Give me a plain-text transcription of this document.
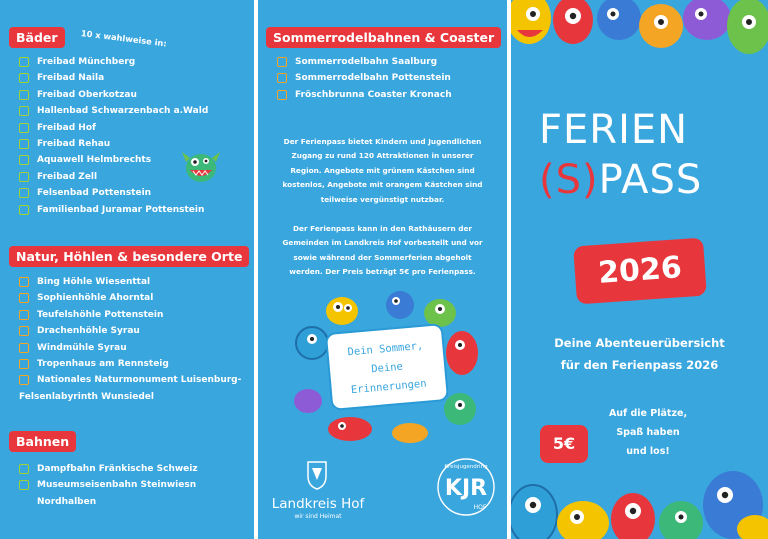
Bäder	10 x wahlweise in:
Freibad Münchberg
Freibad Naila
Freibad Oberkotzau
Hallenbad Schwarzenbach a.Wald
Freibad Hof
Freibad Rehau
Aquawell Helmbrechts
Freibad Zell
Felsenbad Pottenstein
Familienbad Juramar Pottenstein
Natur, Höhlen & besondere Orte
Bing Höhle Wiesenttal
Sophienhöhle Ahorntal
Teufelshöhle Pottenstein
Drachenhöhle Syrau
Windmühle Syrau
Tropenhaus am Rennsteig
Nationales Naturmonument Luisenburg-
Felsenlabyrinth Wunsiedel
Bahnen
Dampfbahn Fränkische Schweiz
Museumseisenbahn Steinwiesn Nordhalben
Sommerrodelbahnen & Coaster
Sommerrodelbahn Saalburg
Sommerrodelbahn Pottenstein
Fröschbrunna Coaster Kronach
Der Ferienpass bietet Kindern und Jugendlichen
Zugang zu rund 120 Attraktionen in unserer
Region. Angebote mit grünem Kästchen sind
kostenlos, Angebote mit orangem Kästchen sind
teilweise vergünstigt nutzbar.
Der Ferienpass kann in den Rathäusern der
Gemeinden im Landkreis Hof vorbestellt und vor
sowie während der Sommerferien abgeholt
werden. Der Preis beträgt 5€ pro Ferienpass.
Dein Sommer,
Deine
Erinnerungen
Landkreis Hof
wir sind Heimat
KJR
Kreisjugendring
HOF
FERIEN
(S)PASS
2026
Deine Abenteuerübersicht
für den Ferienpass 2026
5€
Auf die Plätze,
Spaß haben
und los!
